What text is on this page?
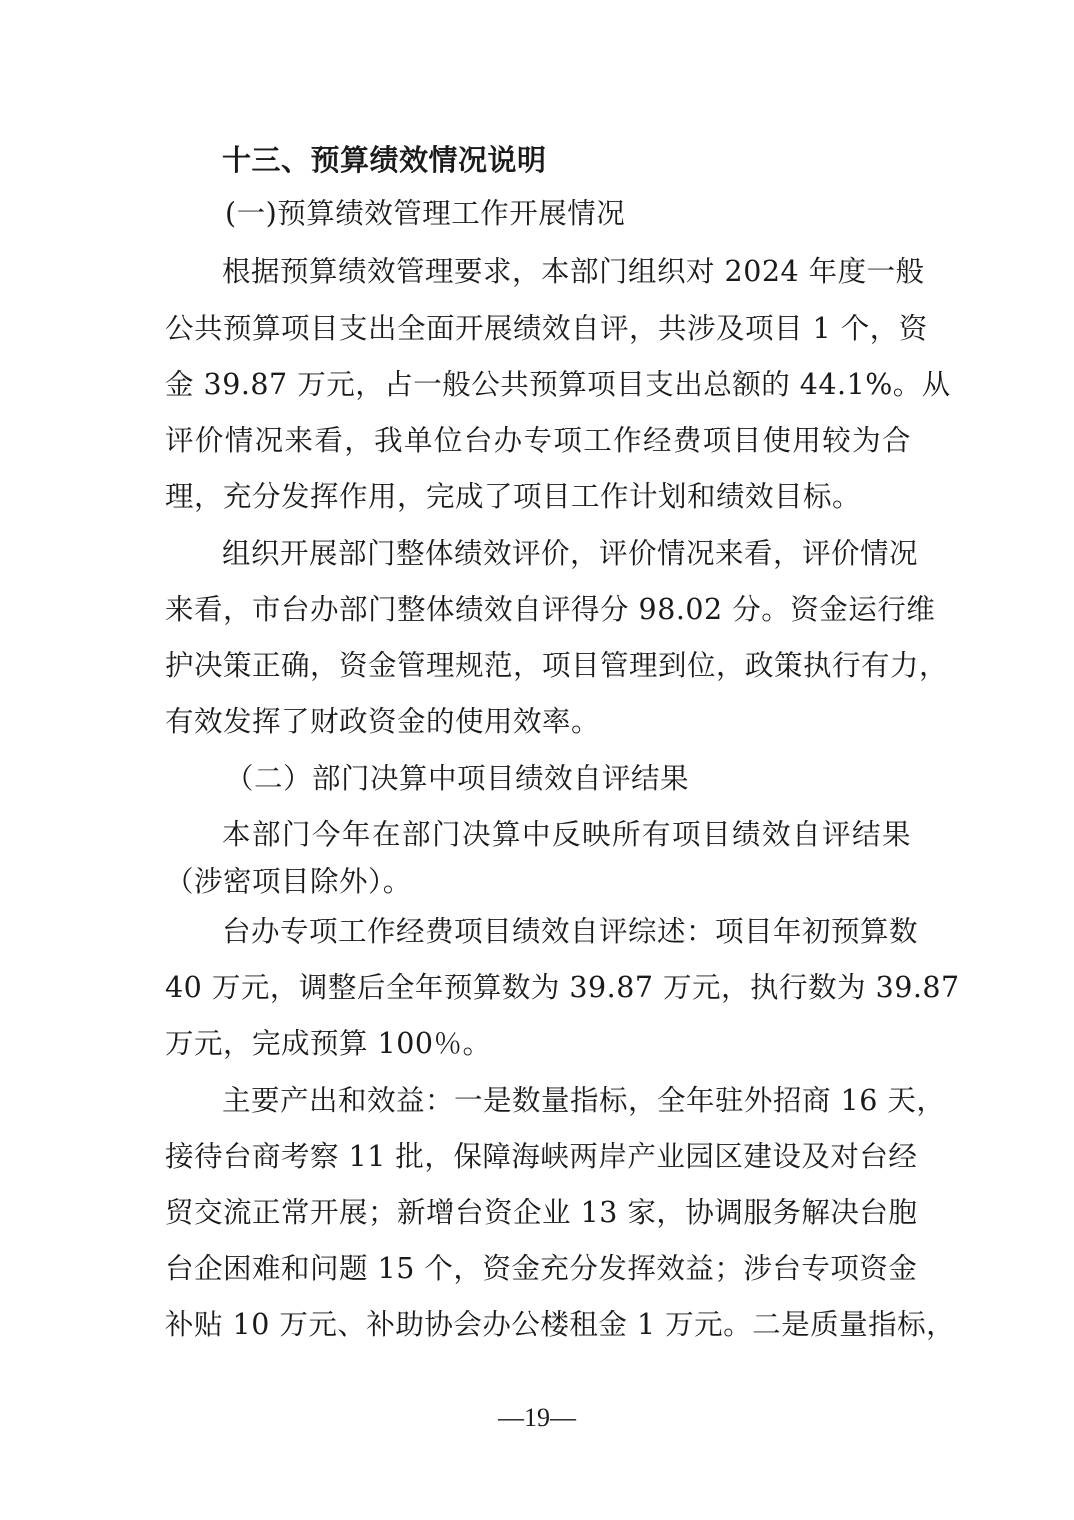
十三、预算绩效情况说明
(一)预算绩效管理工作开展情况
根据预算绩效管理要求，本部门组织对 2024 年度一般
公共预算项目支出全面开展绩效自评，共涉及项目 1 个，资
金 39.87 万元，占一般公共预算项目支出总额的 44.1%。从
评价情况来看，我单位台办专项工作经费项目使用较为合
理，充分发挥作用，完成了项目工作计划和绩效目标。
组织开展部门整体绩效评价，评价情况来看，评价情况
来看，市台办部门整体绩效自评得分 98.02 分。资金运行维
护决策正确，资金管理规范，项目管理到位，政策执行有力，
有效发挥了财政资金的使用效率。
（二）部门决算中项目绩效自评结果
本部门今年在部门决算中反映所有项目绩效自评结果
（涉密项目除外）。
台办专项工作经费项目绩效自评综述：项目年初预算数
40 万元，调整后全年预算数为 39.87 万元，执行数为 39.87
万元，完成预算 100％。
主要产出和效益：一是数量指标，全年驻外招商 16 天，
接待台商考察 11 批，保障海峡两岸产业园区建设及对台经
贸交流正常开展；新增台资企业 13 家，协调服务解决台胞
台企困难和问题 15 个，资金充分发挥效益；涉台专项资金
补贴 10 万元、补助协会办公楼租金 1 万元。二是质量指标，
—19—
